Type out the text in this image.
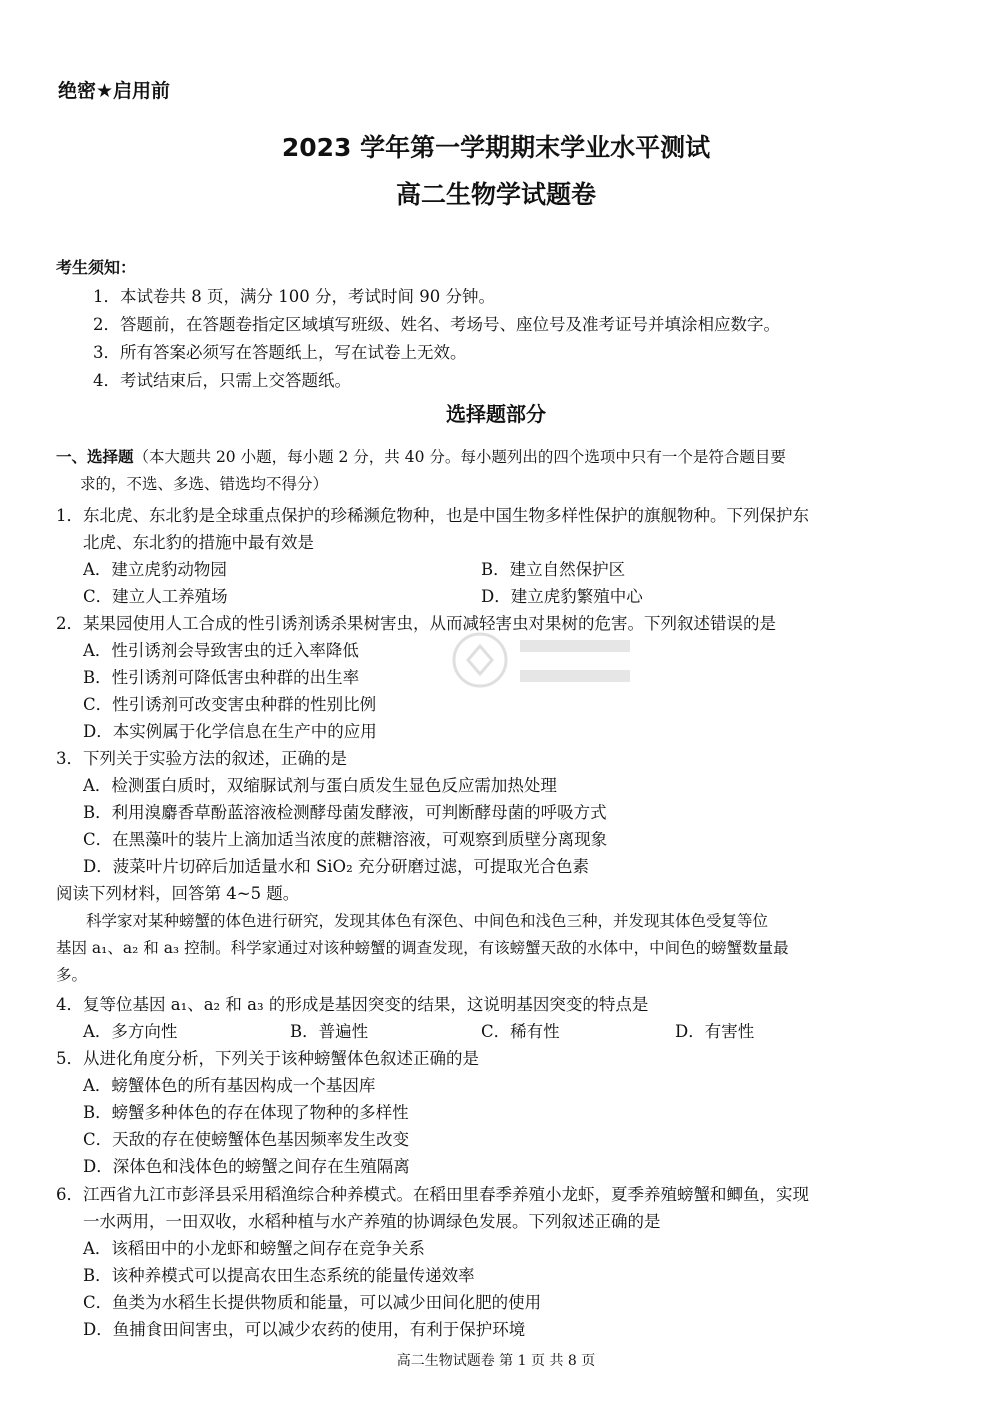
绝密★启用前
2023 学年第一学期期末学业水平测试
高二生物学试题卷
考生须知：
1．本试卷共 8 页，满分 100 分，考试时间 90 分钟。
2．答题前，在答题卷指定区域填写班级、姓名、考场号、座位号及准考证号并填涂相应数字。
3．所有答案必须写在答题纸上，写在试卷上无效。
4．考试结束后，只需上交答题纸。
选择题部分
一、选择题（本大题共 20 小题，每小题 2 分，共 40 分。每小题列出的四个选项中只有一个是符合题目要
求的，不选、多选、错选均不得分）
1．东北虎、东北豹是全球重点保护的珍稀濒危物种，也是中国生物多样性保护的旗舰物种。下列保护东
北虎、东北豹的措施中最有效是
A．建立虎豹动物园	B．建立自然保护区
C．建立人工养殖场	D．建立虎豹繁殖中心
2．某果园使用人工合成的性引诱剂诱杀果树害虫，从而减轻害虫对果树的危害。下列叙述错误的是
A．性引诱剂会导致害虫的迁入率降低
B．性引诱剂可降低害虫种群的出生率
C．性引诱剂可改变害虫种群的性别比例
D．本实例属于化学信息在生产中的应用
3．下列关于实验方法的叙述，正确的是
A．检测蛋白质时，双缩脲试剂与蛋白质发生显色反应需加热处理
B．利用溴麝香草酚蓝溶液检测酵母菌发酵液，可判断酵母菌的呼吸方式
C．在黑藻叶的装片上滴加适当浓度的蔗糖溶液，可观察到质壁分离现象
D．菠菜叶片切碎后加适量水和 SiO₂ 充分研磨过滤，可提取光合色素
阅读下列材料，回答第 4~5 题。
科学家对某种螃蟹的体色进行研究，发现其体色有深色、中间色和浅色三种，并发现其体色受复等位
基因 a₁、a₂ 和 a₃ 控制。科学家通过对该种螃蟹的调查发现，有该螃蟹天敌的水体中，中间色的螃蟹数量最
多。
4．复等位基因 a₁、a₂ 和 a₃ 的形成是基因突变的结果，这说明基因突变的特点是
A．多方向性	B．普遍性	C．稀有性	D．有害性
5．从进化角度分析，下列关于该种螃蟹体色叙述正确的是
A．螃蟹体色的所有基因构成一个基因库
B．螃蟹多种体色的存在体现了物种的多样性
C．天敌的存在使螃蟹体色基因频率发生改变
D．深体色和浅体色的螃蟹之间存在生殖隔离
6．江西省九江市彭泽县采用稻渔综合种养模式。在稻田里春季养殖小龙虾，夏季养殖螃蟹和鲫鱼，实现
一水两用，一田双收，水稻种植与水产养殖的协调绿色发展。下列叙述正确的是
A．该稻田中的小龙虾和螃蟹之间存在竞争关系
B．该种养模式可以提高农田生态系统的能量传递效率
C．鱼类为水稻生长提供物质和能量，可以减少田间化肥的使用
D．鱼捕食田间害虫，可以减少农药的使用，有利于保护环境
高二生物试题卷 第 1 页 共 8 页
